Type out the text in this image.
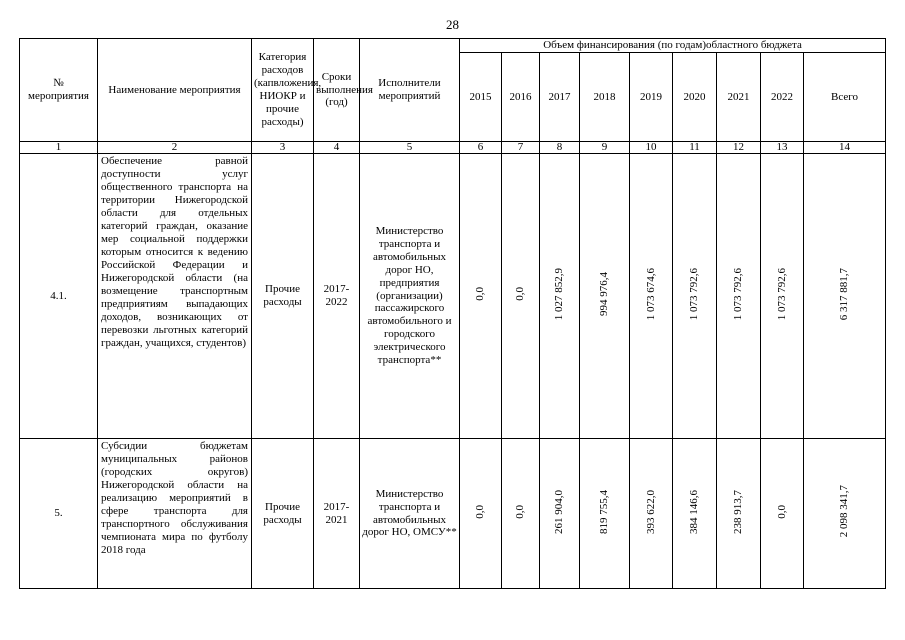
28
№ мероприятия	Наименование мероприятия	Категория расходов (капвложения, НИОКР и прочие расходы)	Сроки выполнения (год)	Исполнители мероприятий	Объем финансирования (по годам)областного бюджета								
					2015	2016	2017	2018	2019	2020	2021	2022	Всего
1	2	3	4	5	6	7	8	9	10	11	12	13	14
4.1.	Обеспечение равной доступности услуг общественного транспорта на территории Нижегородской области для отдельных категорий граждан, оказание мер социальной поддержки которым относится к ведению Российской Федерации и Нижегородской области (на возмещение транспортным предприятиям выпадающих доходов, возникающих от перевозки льготных категорий граждан, учащихся, студентов)	Прочие расходы	2017-2022	Министерство транспорта и автомобильных дорог НО, предприятия (организации) пассажирского автомобильного и городского электрического транспорта**	0,0	0,0	1 027 852,9	994 976,4	1 073 674,6	1 073 792,6	1 073 792,6	1 073 792,6	6 317 881,7
5.	Субсидии бюджетам муниципальных районов (городских округов) Нижегородской области на реализацию мероприятий в сфере транспорта для транспортного обслуживания чемпионата мира по футболу 2018 года	Прочие расходы	2017-2021	Министерство транспорта и автомобильных дорог НО, ОМСУ**	0,0	0,0	261 904,0	819 755,4	393 622,0	384 146,6	238 913,7	0,0	2 098 341,7
